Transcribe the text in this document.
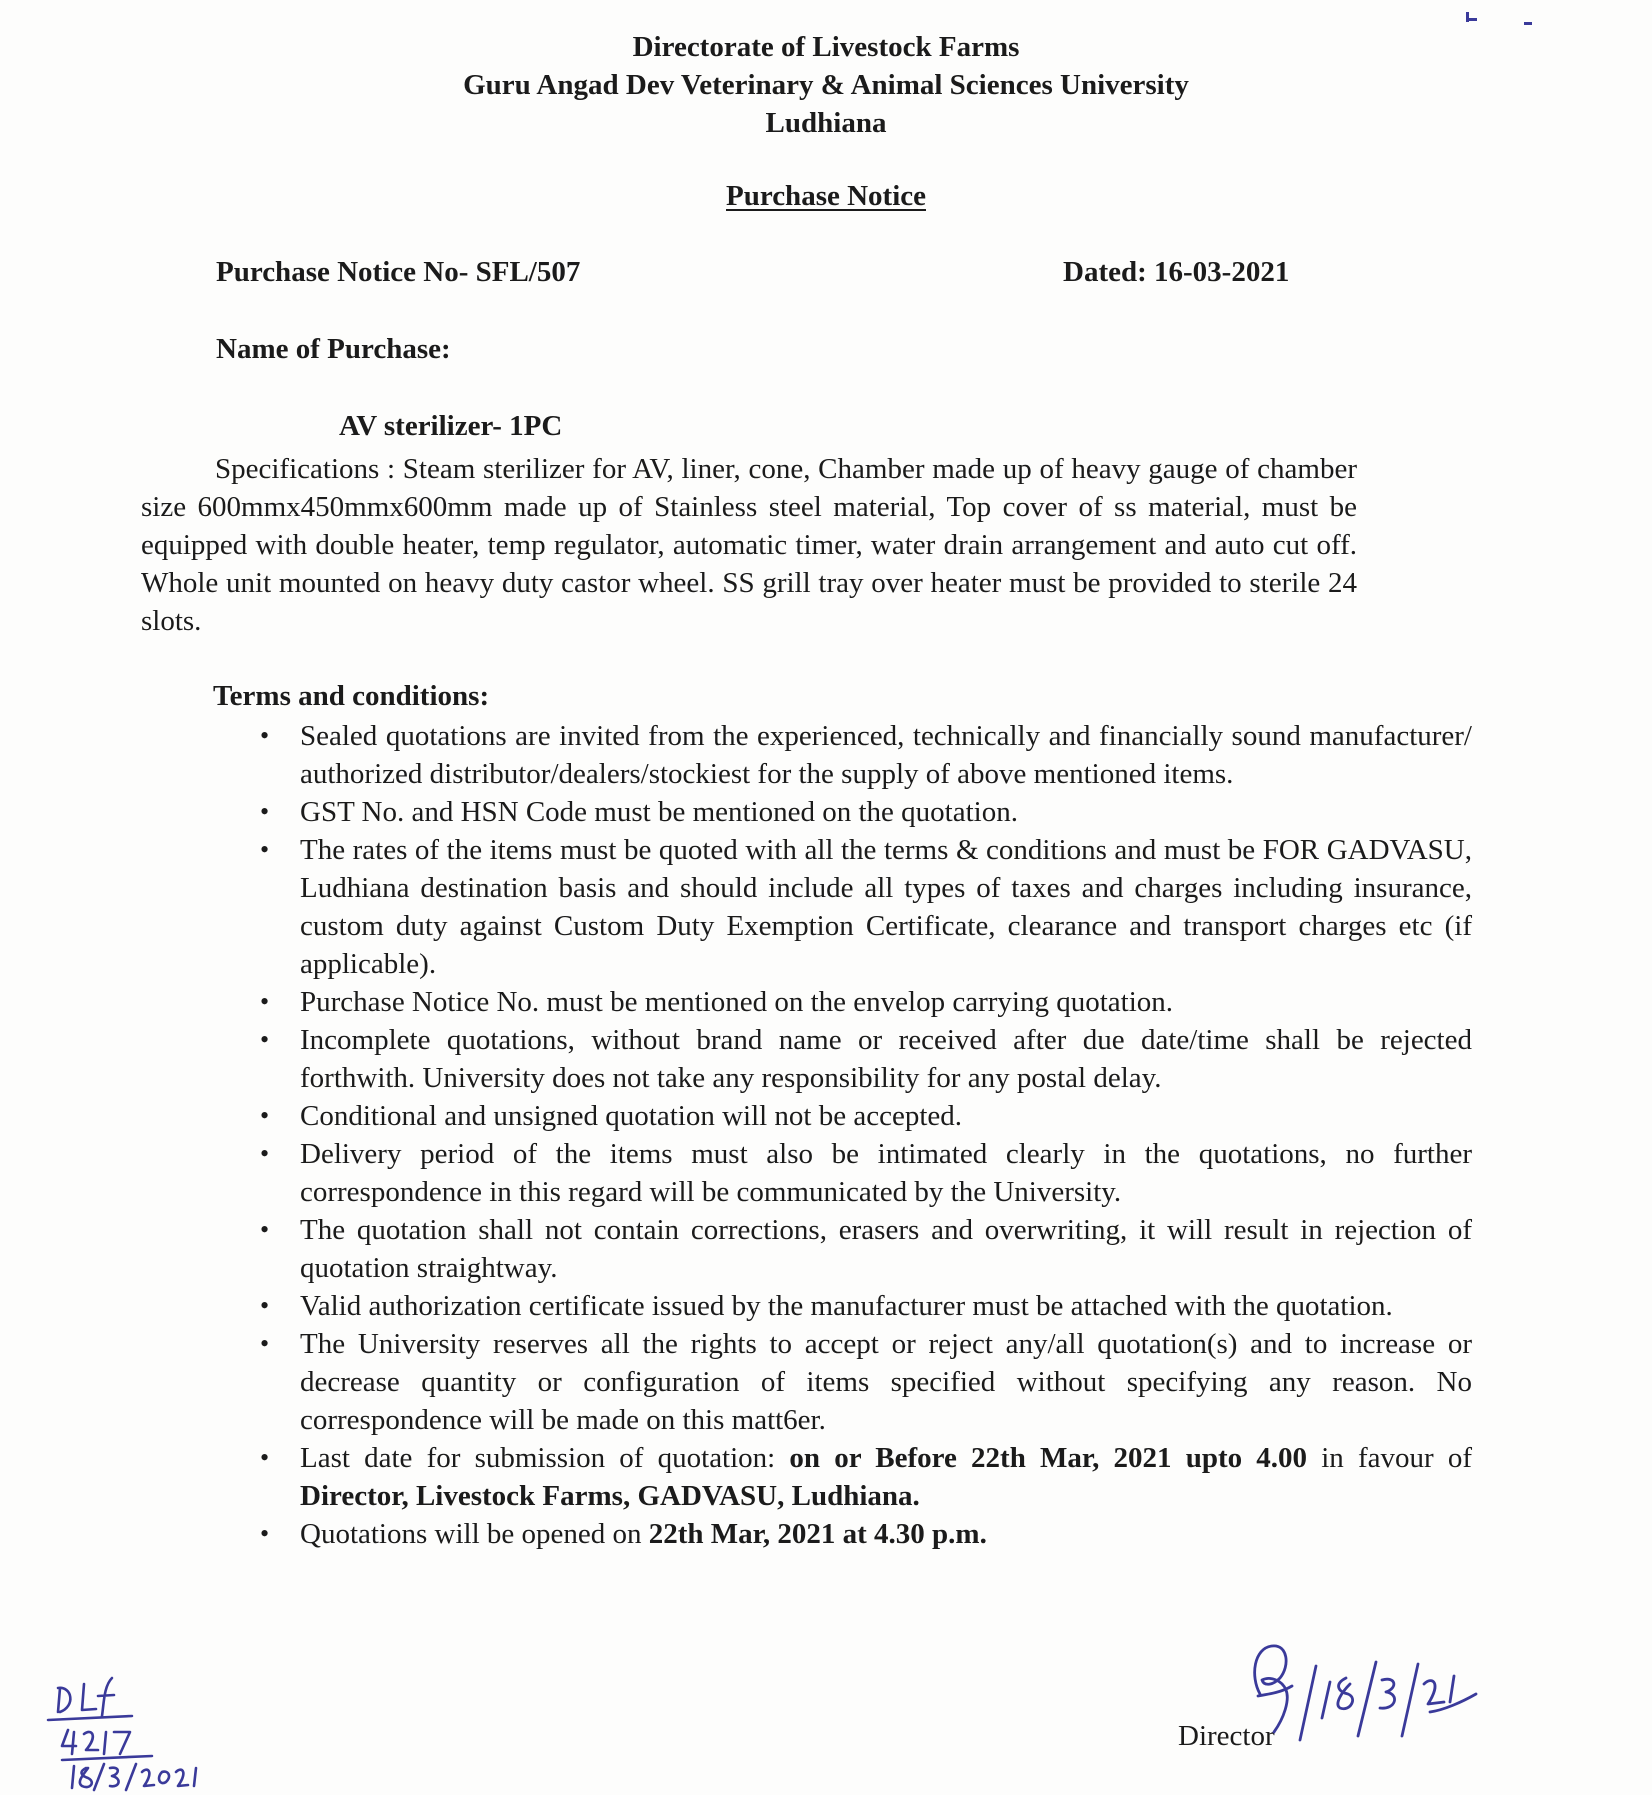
Directorate of Livestock Farms
Guru Angad Dev Veterinary & Animal Sciences University
Ludhiana
Purchase Notice
Purchase Notice No- SFL/507	Dated: 16-03-2021
Name of Purchase:
AV sterilizer- 1PC
Specifications : Steam sterilizer for AV, liner, cone, Chamber made up of heavy gauge of chamber size 600mmx450mmx600mm made up of Stainless steel material, Top cover of ss material, must be equipped with double heater, temp regulator, automatic timer, water drain arrangement and auto cut off. Whole unit mounted on heavy duty castor wheel. SS grill tray over heater must be provided to sterile 24 slots.
Terms and conditions:
• Sealed quotations are invited from the experienced, technically and financially sound manufacturer/ authorized distributor/dealers/stockiest for the supply of above mentioned items.
• GST No. and HSN Code must be mentioned on the quotation.
• The rates of the items must be quoted with all the terms & conditions and must be FOR GADVASU, Ludhiana destination basis and should include all types of taxes and charges including insurance, custom duty against Custom Duty Exemption Certificate, clearance and transport charges etc (if applicable).
• Purchase Notice No. must be mentioned on the envelop carrying quotation.
• Incomplete quotations, without brand name or received after due date/time shall be rejected forthwith. University does not take any responsibility for any postal delay.
• Conditional and unsigned quotation will not be accepted.
• Delivery period of the items must also be intimated clearly in the quotations, no further correspondence in this regard will be communicated by the University.
• The quotation shall not contain corrections, erasers and overwriting, it will result in rejection of quotation straightway.
• Valid authorization certificate issued by the manufacturer must be attached with the quotation.
• The University reserves all the rights to accept or reject any/all quotation(s) and to increase or decrease quantity or configuration of items specified without specifying any reason. No correspondence will be made on this matt6er.
• Last date for submission of quotation: on or Before 22th Mar, 2021 upto 4.00 in favour of Director, Livestock Farms, GADVASU, Ludhiana.
• Quotations will be opened on 22th Mar, 2021 at 4.30 p.m.
Director
